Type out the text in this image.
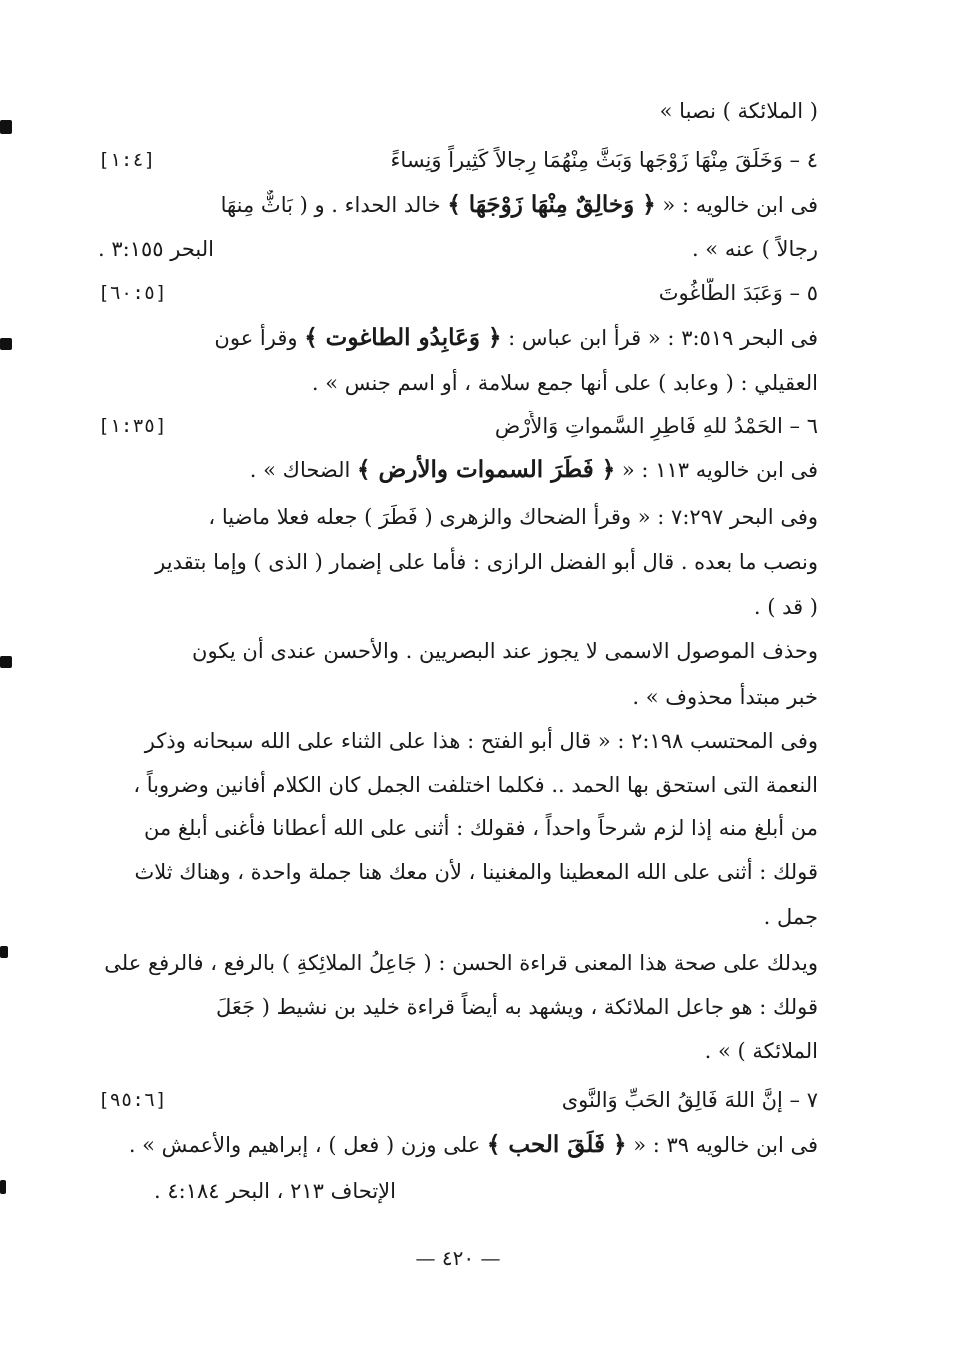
( الملائكة ) نصبا »
٤ – وَخَلَقَ مِنْهَا زَوْجَها وَبَثَّ مِنْهُمَا رِجالاً كَثِيراً وَنِساءً
[١:٤]
فى ابن خالويه : « ﴿ وَخالِقٌ مِنْهَا زَوْجَهَا ﴾ خالد الحداء . و ( بَاثٌّ مِنهَا
رجالاً ) عنه » .
البحر ٣:١٥٥ .
٥ – وَعَبَدَ الطَّاغُوتَ
[٦٠:٥]
فى البحر ٣:٥١٩ : « قرأ ابن عباس : ﴿ وَعَابِدُو الطاغوت ﴾ وقرأ عون
العقيلي : ( وعابد ) على أنها جمع سلامة ، أو اسم جنس » .
٦ – الحَمْدُ للهِ فَاطِرِ السَّمواتِ وَالأَرْضِ
[١:٣٥]
فى ابن خالويه ١١٣ : « ﴿ فَطَرَ السموات والأرض ﴾ الضحاك » .
وفى البحر ٧:٢٩٧ : « وقرأ الضحاك والزهرى ( فَطَرَ ) جعله فعلا ماضيا ،
ونصب ما بعده . قال أبو الفضل الرازى : فأما على إضمار ( الذى ) وإما بتقدير
( قد ) .
وحذف الموصول الاسمى لا يجوز عند البصريين . والأحسن عندى أن يكون
خبر مبتدأ محذوف » .
وفى المحتسب ٢:١٩٨ : « قال أبو الفتح : هذا على الثناء على الله سبحانه وذكر
النعمة التى استحق بها الحمد .. فكلما اختلفت الجمل كان الكلام أفانين وضروباً ،
من أبلغ منه إذا لزم شرحاً واحداً ، فقولك : أثنى على الله أعطانا فأغنى أبلغ من
قولك : أثنى على الله المعطينا والمغنينا ، لأن معك هنا جملة واحدة ، وهناك ثلاث
جمل .
ويدلك على صحة هذا المعنى قراءة الحسن : ( جَاعِلُ الملائِكةِ ) بالرفع ، فالرفع على
قولك : هو جاعل الملائكة ، ويشهد به أيضاً قراءة خليد بن نشيط ( جَعَلَ
الملائكة ) » .
٧ – إنَّ اللهَ فَالِقُ الحَبِّ وَالنَّوى
[٩٥:٦]
فى ابن خالويه ٣٩ : « ﴿ فَلَقَ الحب ﴾ على وزن ( فعل ) ، إبراهيم والأعمش » .
الإتحاف ٢١٣ ، البحر ٤:١٨٤ .
— ٤٢٠ —
